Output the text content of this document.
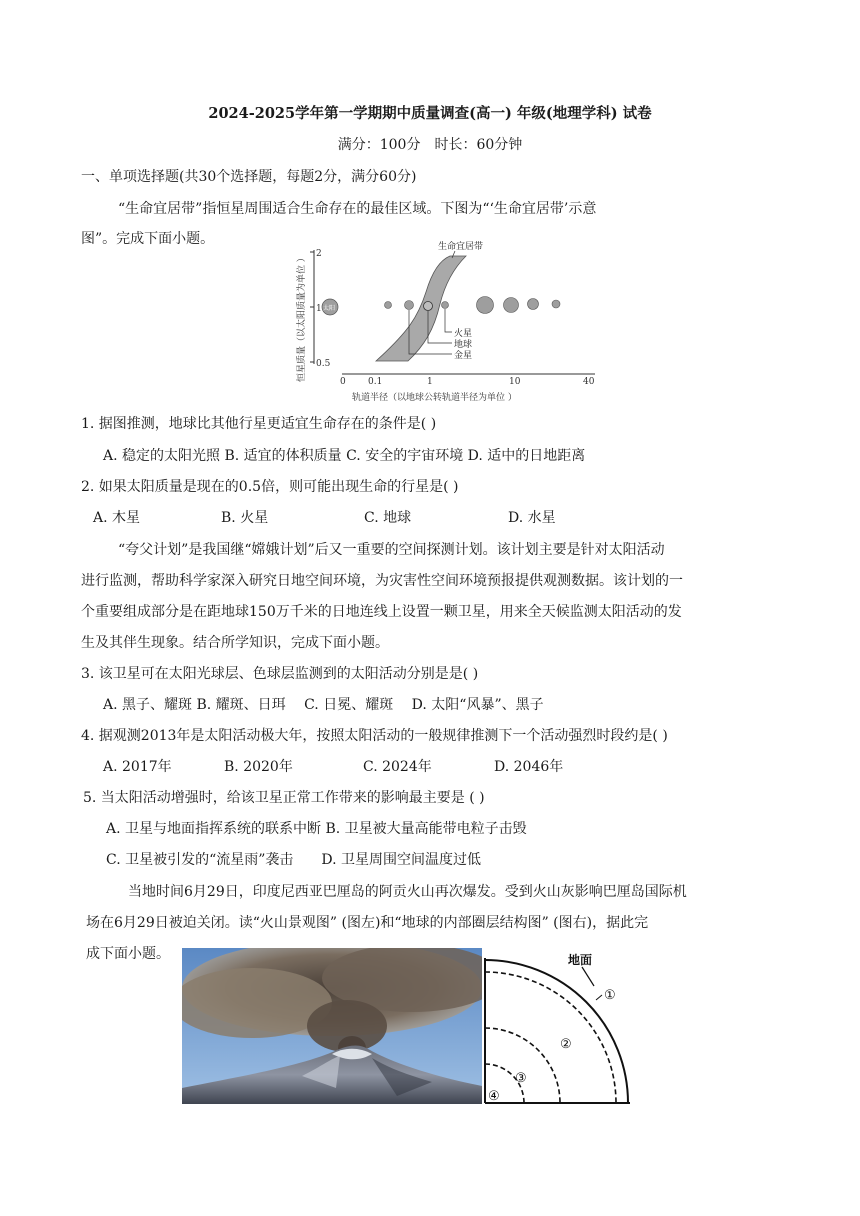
2024-2025学年第一学期期中质量调查(高一) 年级(地理学科) 试卷
满分：100分　时长：60分钟
一、单项选择题(共30个选择题，每题2分，满分60分)
“生命宜居带”指恒星周围适合生命存在的最佳区域。下图为“‘生命宜居带’示意
图”。完成下面小题。
2
1
0.5
恒星质量（以太阳质量为单位 ）	0 0.1	1	10	40
轨道半径（以地球公转轨道半径为单位 ）
生命宜居带
太阳
火星
地球
金星
1. 据图推测，地球比其他行星更适宜生命存在的条件是( )
A. 稳定的太阳光照 B. 适宜的体积质量 C. 安全的宇宙环境 D. 适中的日地距离
2. 如果太阳质量是现在的0.5倍，则可能出现生命的行星是( )
A. 木星	B. 火星	C. 地球	D. 水星
“夸父计划”是我国继“嫦娥计划”后又一重要的空间探测计划。该计划主要是针对太阳活动
进行监测，帮助科学家深入研究日地空间环境，为灾害性空间环境预报提供观测数据。该计划的一
个重要组成部分是在距地球150万千米的日地连线上设置一颗卫星，用来全天候监测太阳活动的发
生及其伴生现象。结合所学知识，完成下面小题。
3. 该卫星可在太阳光球层、色球层监测到的太阳活动分别是是( )
A. 黑子、耀斑 B. 耀斑、日珥　 C. 日冕、耀斑　 D. 太阳“风暴”、黑子
4. 据观测2013年是太阳活动极大年，按照太阳活动的一般规律推测下一个活动强烈时段约是( )
A. 2017年	B. 2020年	C. 2024年	D. 2046年
5. 当太阳活动增强时，给该卫星正常工作带来的影响最主要是 ( )
A. 卫星与地面指挥系统的联系中断 B. 卫星被大量高能带电粒子击毁
C. 卫星被引发的“流星雨”袭击　　D. 卫星周围空间温度过低
当地时间6月29日，印度尼西亚巴厘岛的阿贡火山再次爆发。受到火山灰影响巴厘岛国际机
场在6月29日被迫关闭。读“火山景观图” (图左)和“地球的内部圈层结构图” (图右)，据此完
成下面小题。	地面
①
②
③
④
